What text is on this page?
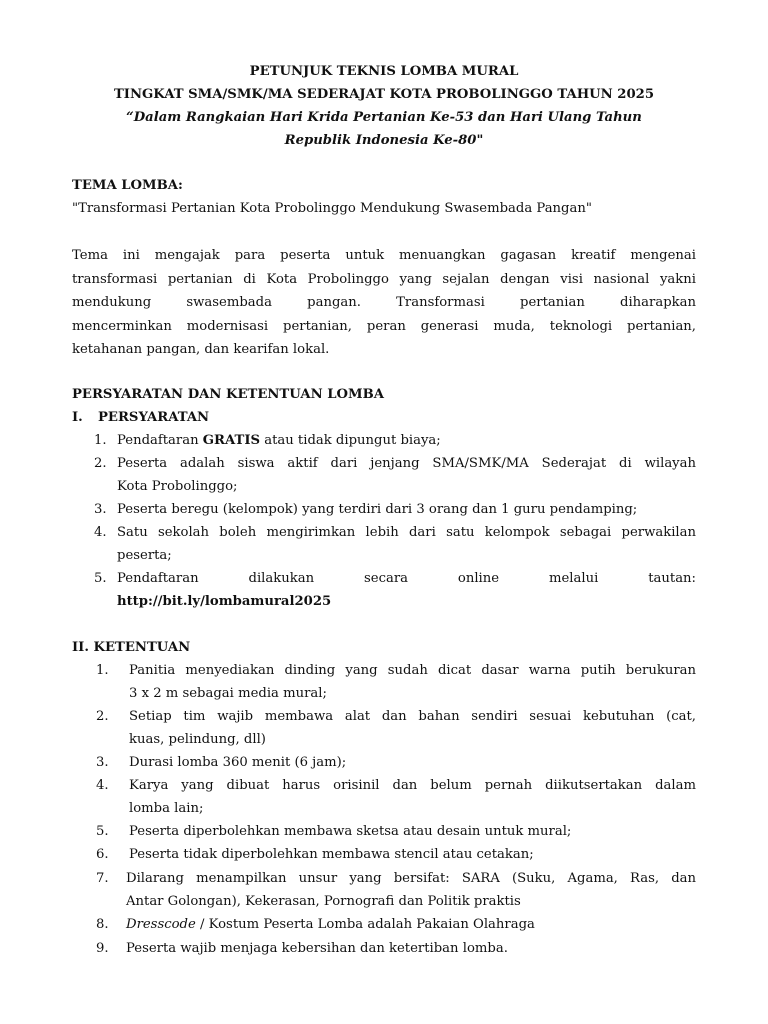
PETUNJUK TEKNIS LOMBA MURAL
TINGKAT SMA/SMK/MA SEDERAJAT KOTA PROBOLINGGO TAHUN 2025
“Dalam Rangkaian Hari Krida Pertanian Ke-53 dan Hari Ulang Tahun
Republik Indonesia Ke-80"
TEMA LOMBA:
"Transformasi Pertanian Kota Probolinggo Mendukung Swasembada Pangan"
Tema ini mengajak para peserta untuk menuangkan gagasan kreatif mengenai
transformasi pertanian di Kota Probolinggo yang sejalan dengan visi nasional yakni
mendukung swasembada pangan. Transformasi pertanian diharapkan
mencerminkan modernisasi pertanian, peran generasi muda, teknologi pertanian,
ketahanan pangan, dan kearifan lokal.
PERSYARATAN DAN KETENTUAN LOMBA
I. PERSYARATAN
1. Pendaftaran GRATIS atau tidak dipungut biaya;
2. Peserta adalah siswa aktif dari jenjang SMA/SMK/MA Sederajat di wilayah
Kota Probolinggo;
3. Peserta beregu (kelompok) yang terdiri dari 3 orang dan 1 guru pendamping;
4. Satu sekolah boleh mengirimkan lebih dari satu kelompok sebagai perwakilan
peserta;
5. Pendaftaran dilakukan secara online melalui tautan:
http://bit.ly/lombamural2025
II. KETENTUAN
1. Panitia menyediakan dinding yang sudah dicat dasar warna putih berukuran
3 x 2 m sebagai media mural;
2. Setiap tim wajib membawa alat dan bahan sendiri sesuai kebutuhan (cat,
kuas, pelindung, dll)
3. Durasi lomba 360 menit (6 jam);
4. Karya yang dibuat harus orisinil dan belum pernah diikutsertakan dalam
lomba lain;
5. Peserta diperbolehkan membawa sketsa atau desain untuk mural;
6. Peserta tidak diperbolehkan membawa stencil atau cetakan;
7. Dilarang menampilkan unsur yang bersifat: SARA (Suku, Agama, Ras, dan
Antar Golongan), Kekerasan, Pornografi dan Politik praktis
8. Dresscode / Kostum Peserta Lomba adalah Pakaian Olahraga
9. Peserta wajib menjaga kebersihan dan ketertiban lomba.
